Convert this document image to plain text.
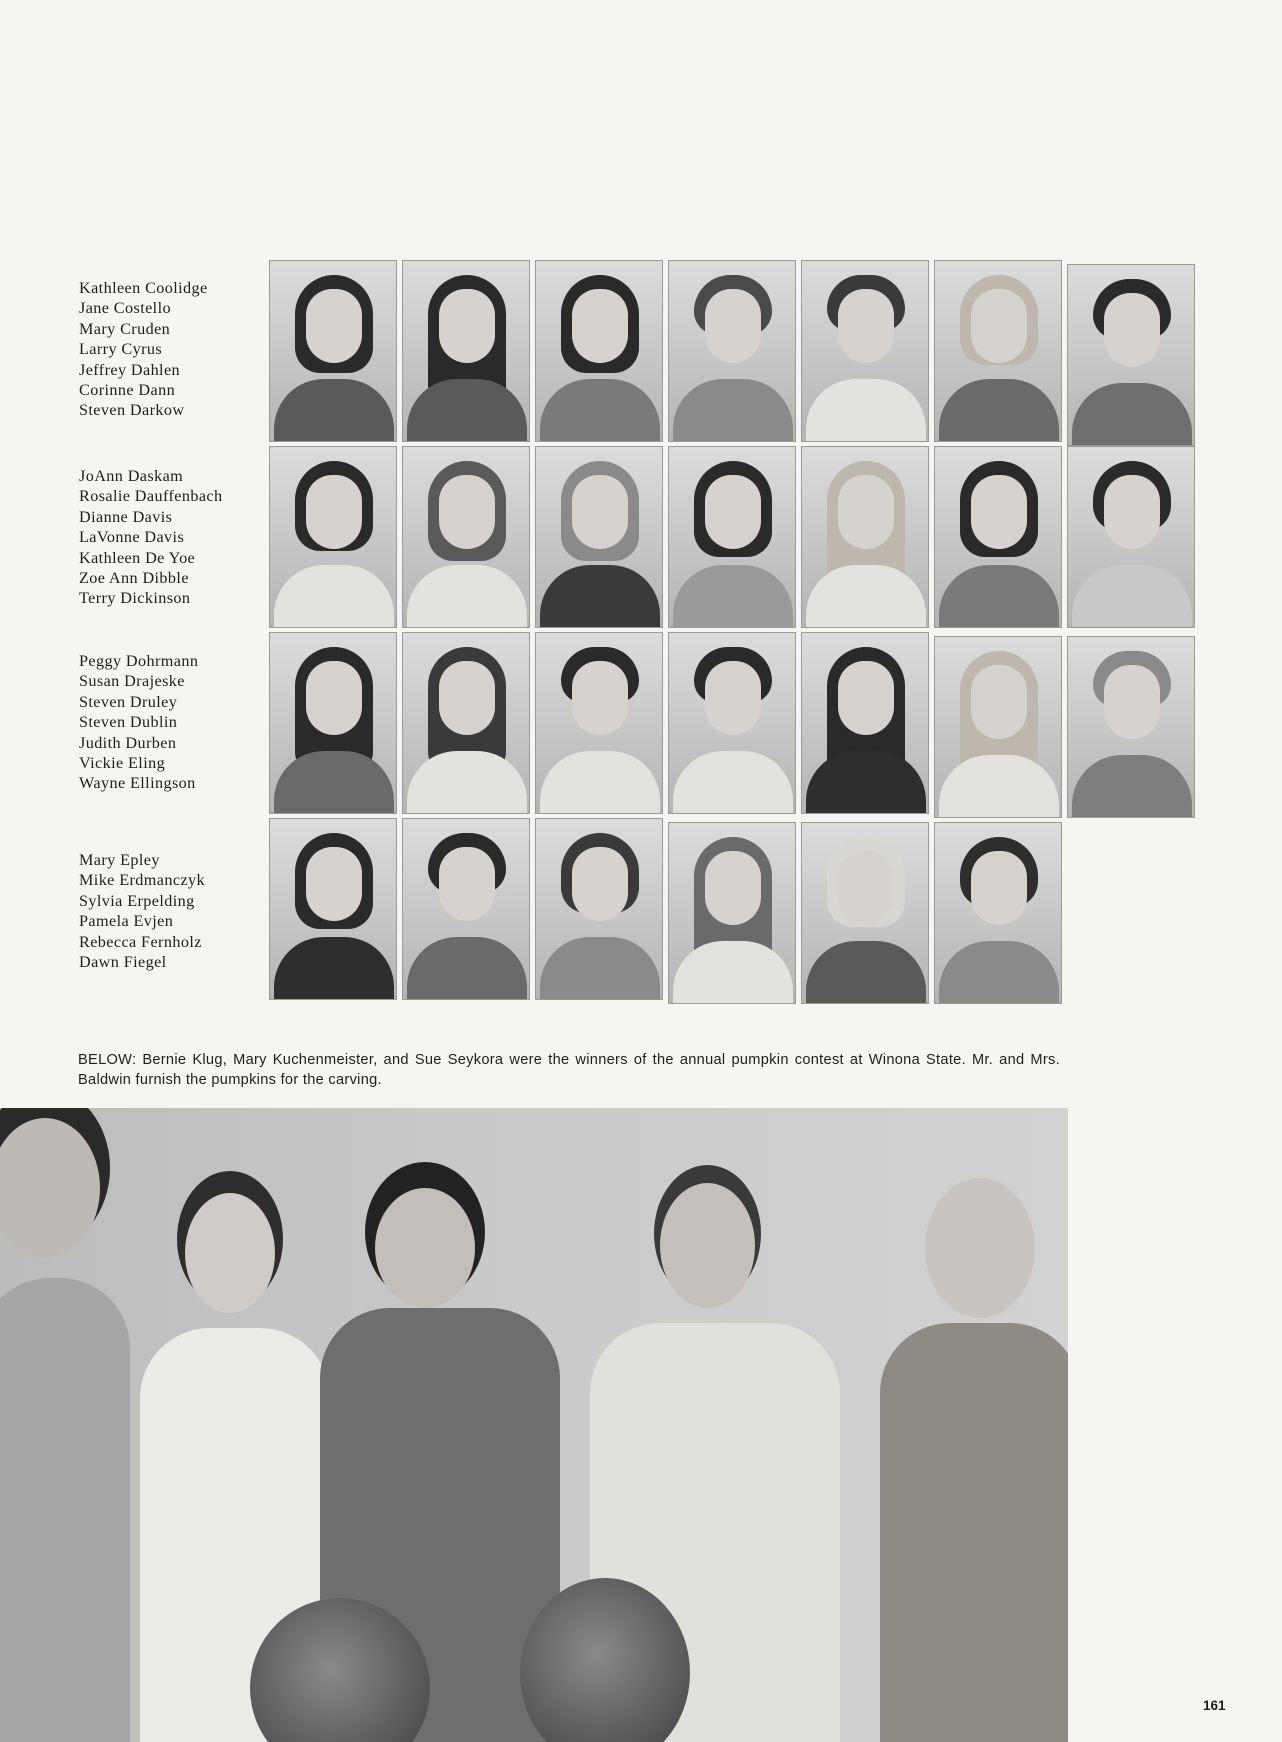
Kathleen Coolidge
Jane Costello
Mary Cruden
Larry Cyrus
Jeffrey Dahlen
Corinne Dann
Steven Darkow
JoAnn Daskam
Rosalie Dauffenbach
Dianne Davis
LaVonne Davis
Kathleen De Yoe
Zoe Ann Dibble
Terry Dickinson
Peggy Dohrmann
Susan Drajeske
Steven Druley
Steven Dublin
Judith Durben
Vickie Eling
Wayne Ellingson
Mary Epley
Mike Erdmanczyk
Sylvia Erpelding
Pamela Evjen
Rebecca Fernholz
Dawn Fiegel
BELOW: Bernie Klug, Mary Kuchenmeister, and Sue Seykora were the winners of the annual pumpkin contest at Winona State. Mr. and Mrs. Baldwin furnish the pumpkins for the carving.
161
